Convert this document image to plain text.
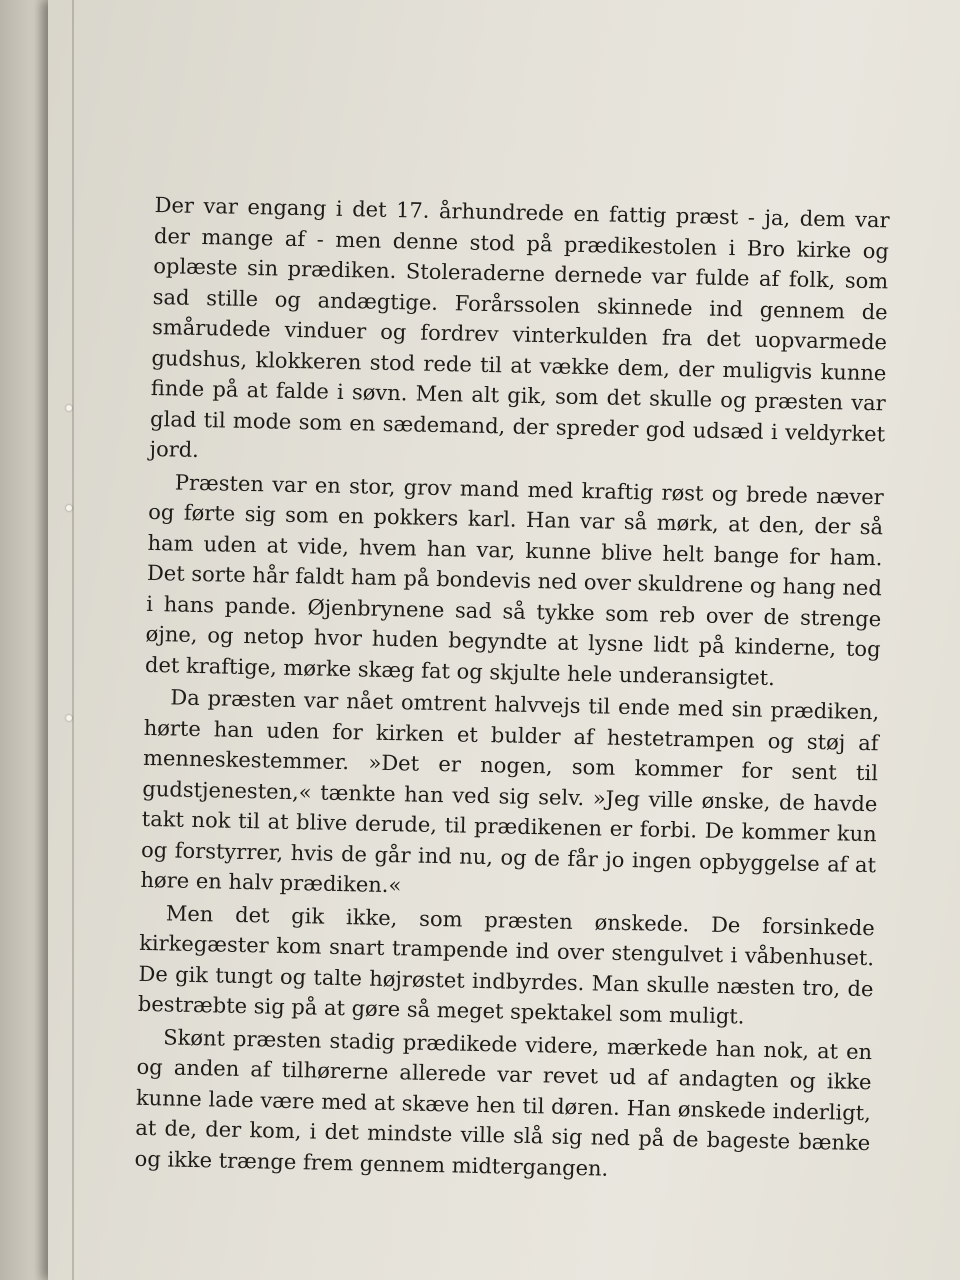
Der var engang i det 17. århundrede en fattig præst - ja, dem var der mange af - men denne stod på prædikestolen i Bro kirke og oplæste sin prædiken. Stoleraderne dernede var fulde af folk, som sad stille og andægtige. Forårssolen skinnede ind gennem de smårudede vinduer og fordrev vinterkulden fra det uopvarmede gudshus, klokkeren stod rede til at vække dem, der muligvis kunne finde på at falde i søvn. Men alt gik, som det skulle og præsten var glad til mode som en sædemand, der spreder god udsæd i veldyrket jord.

Præsten var en stor, grov mand med kraftig røst og brede næver og førte sig som en pokkers karl. Han var så mørk, at den, der så ham uden at vide, hvem han var, kunne blive helt bange for ham. Det sorte hår faldt ham på bondevis ned over skuldrene og hang ned i hans pande. Øjenbrynene sad så tykke som reb over de strenge øjne, og netop hvor huden begyndte at lysne lidt på kinderne, tog det kraftige, mørke skæg fat og skjulte hele underansigtet.

Da præsten var nået omtrent halvvejs til ende med sin prædiken, hørte han uden for kirken et bulder af hestetrampen og støj af menneskestemmer. »Det er nogen, som kommer for sent til gudstjenesten,« tænkte han ved sig selv. »Jeg ville ønske, de havde takt nok til at blive derude, til prædikenen er forbi. De kommer kun og forstyrrer, hvis de går ind nu, og de får jo ingen opbyggelse af at høre en halv prædiken.«

Men det gik ikke, som præsten ønskede. De forsinkede kirkegæster kom snart trampende ind over stengulvet i våbenhuset. De gik tungt og talte højrøstet indbyrdes. Man skulle næsten tro, de bestræbte sig på at gøre så meget spektakel som muligt.

Skønt præsten stadig prædikede videre, mærkede han nok, at en og anden af tilhørerne allerede var revet ud af andagten og ikke kunne lade være med at skæve hen til døren. Han ønskede inderligt, at de, der kom, i det mindste ville slå sig ned på de bageste bænke og ikke trænge frem gennem midtergangen.
